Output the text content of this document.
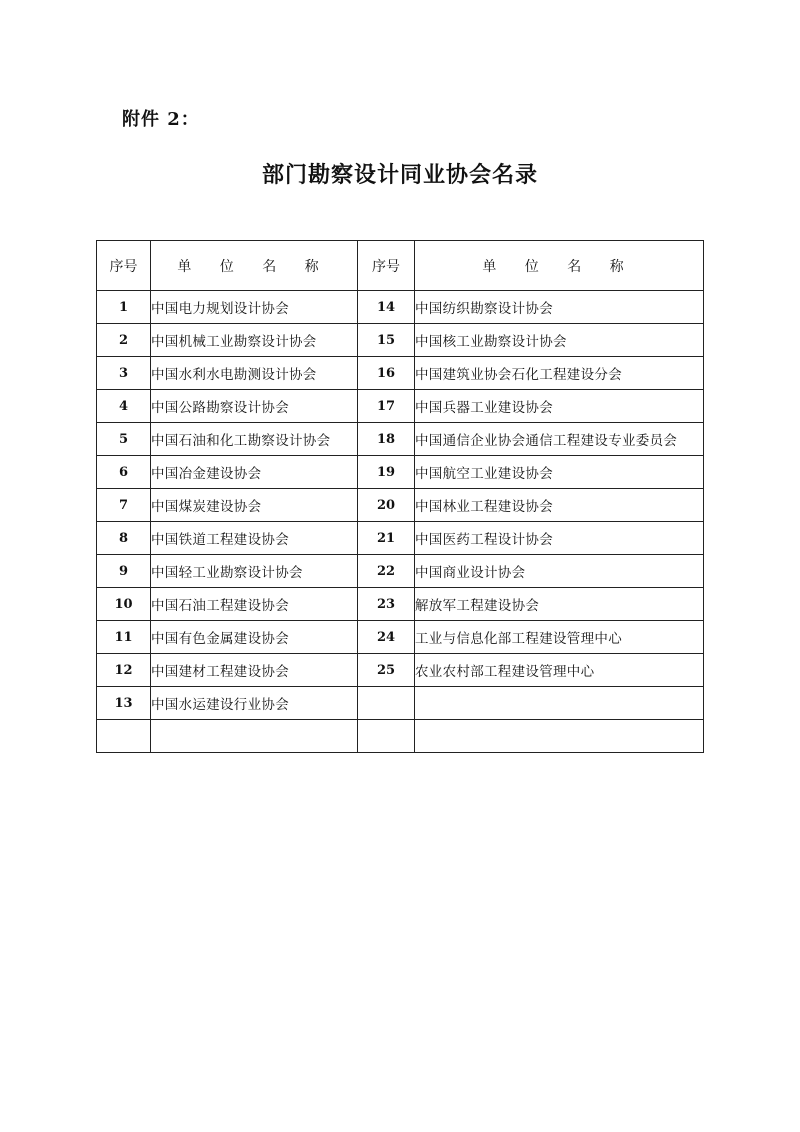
附件 2：
部门勘察设计同业协会名录
序号	单 位 名 称	序号	单 位 名 称
1	中国电力规划设计协会	14	中国纺织勘察设计协会
2	中国机械工业勘察设计协会	15	中国核工业勘察设计协会
3	中国水利水电勘测设计协会	16	中国建筑业协会石化工程建设分会
4	中国公路勘察设计协会	17	中国兵器工业建设协会
5	中国石油和化工勘察设计协会	18	中国通信企业协会通信工程建设专业委员会
6	中国冶金建设协会	19	中国航空工业建设协会
7	中国煤炭建设协会	20	中国林业工程建设协会
8	中国铁道工程建设协会	21	中国医药工程设计协会
9	中国轻工业勘察设计协会	22	中国商业设计协会
10	中国石油工程建设协会	23	解放军工程建设协会
11	中国有色金属建设协会	24	工业与信息化部工程建设管理中心
12	中国建材工程建设协会	25	农业农村部工程建设管理中心
13	中国水运建设行业协会		
